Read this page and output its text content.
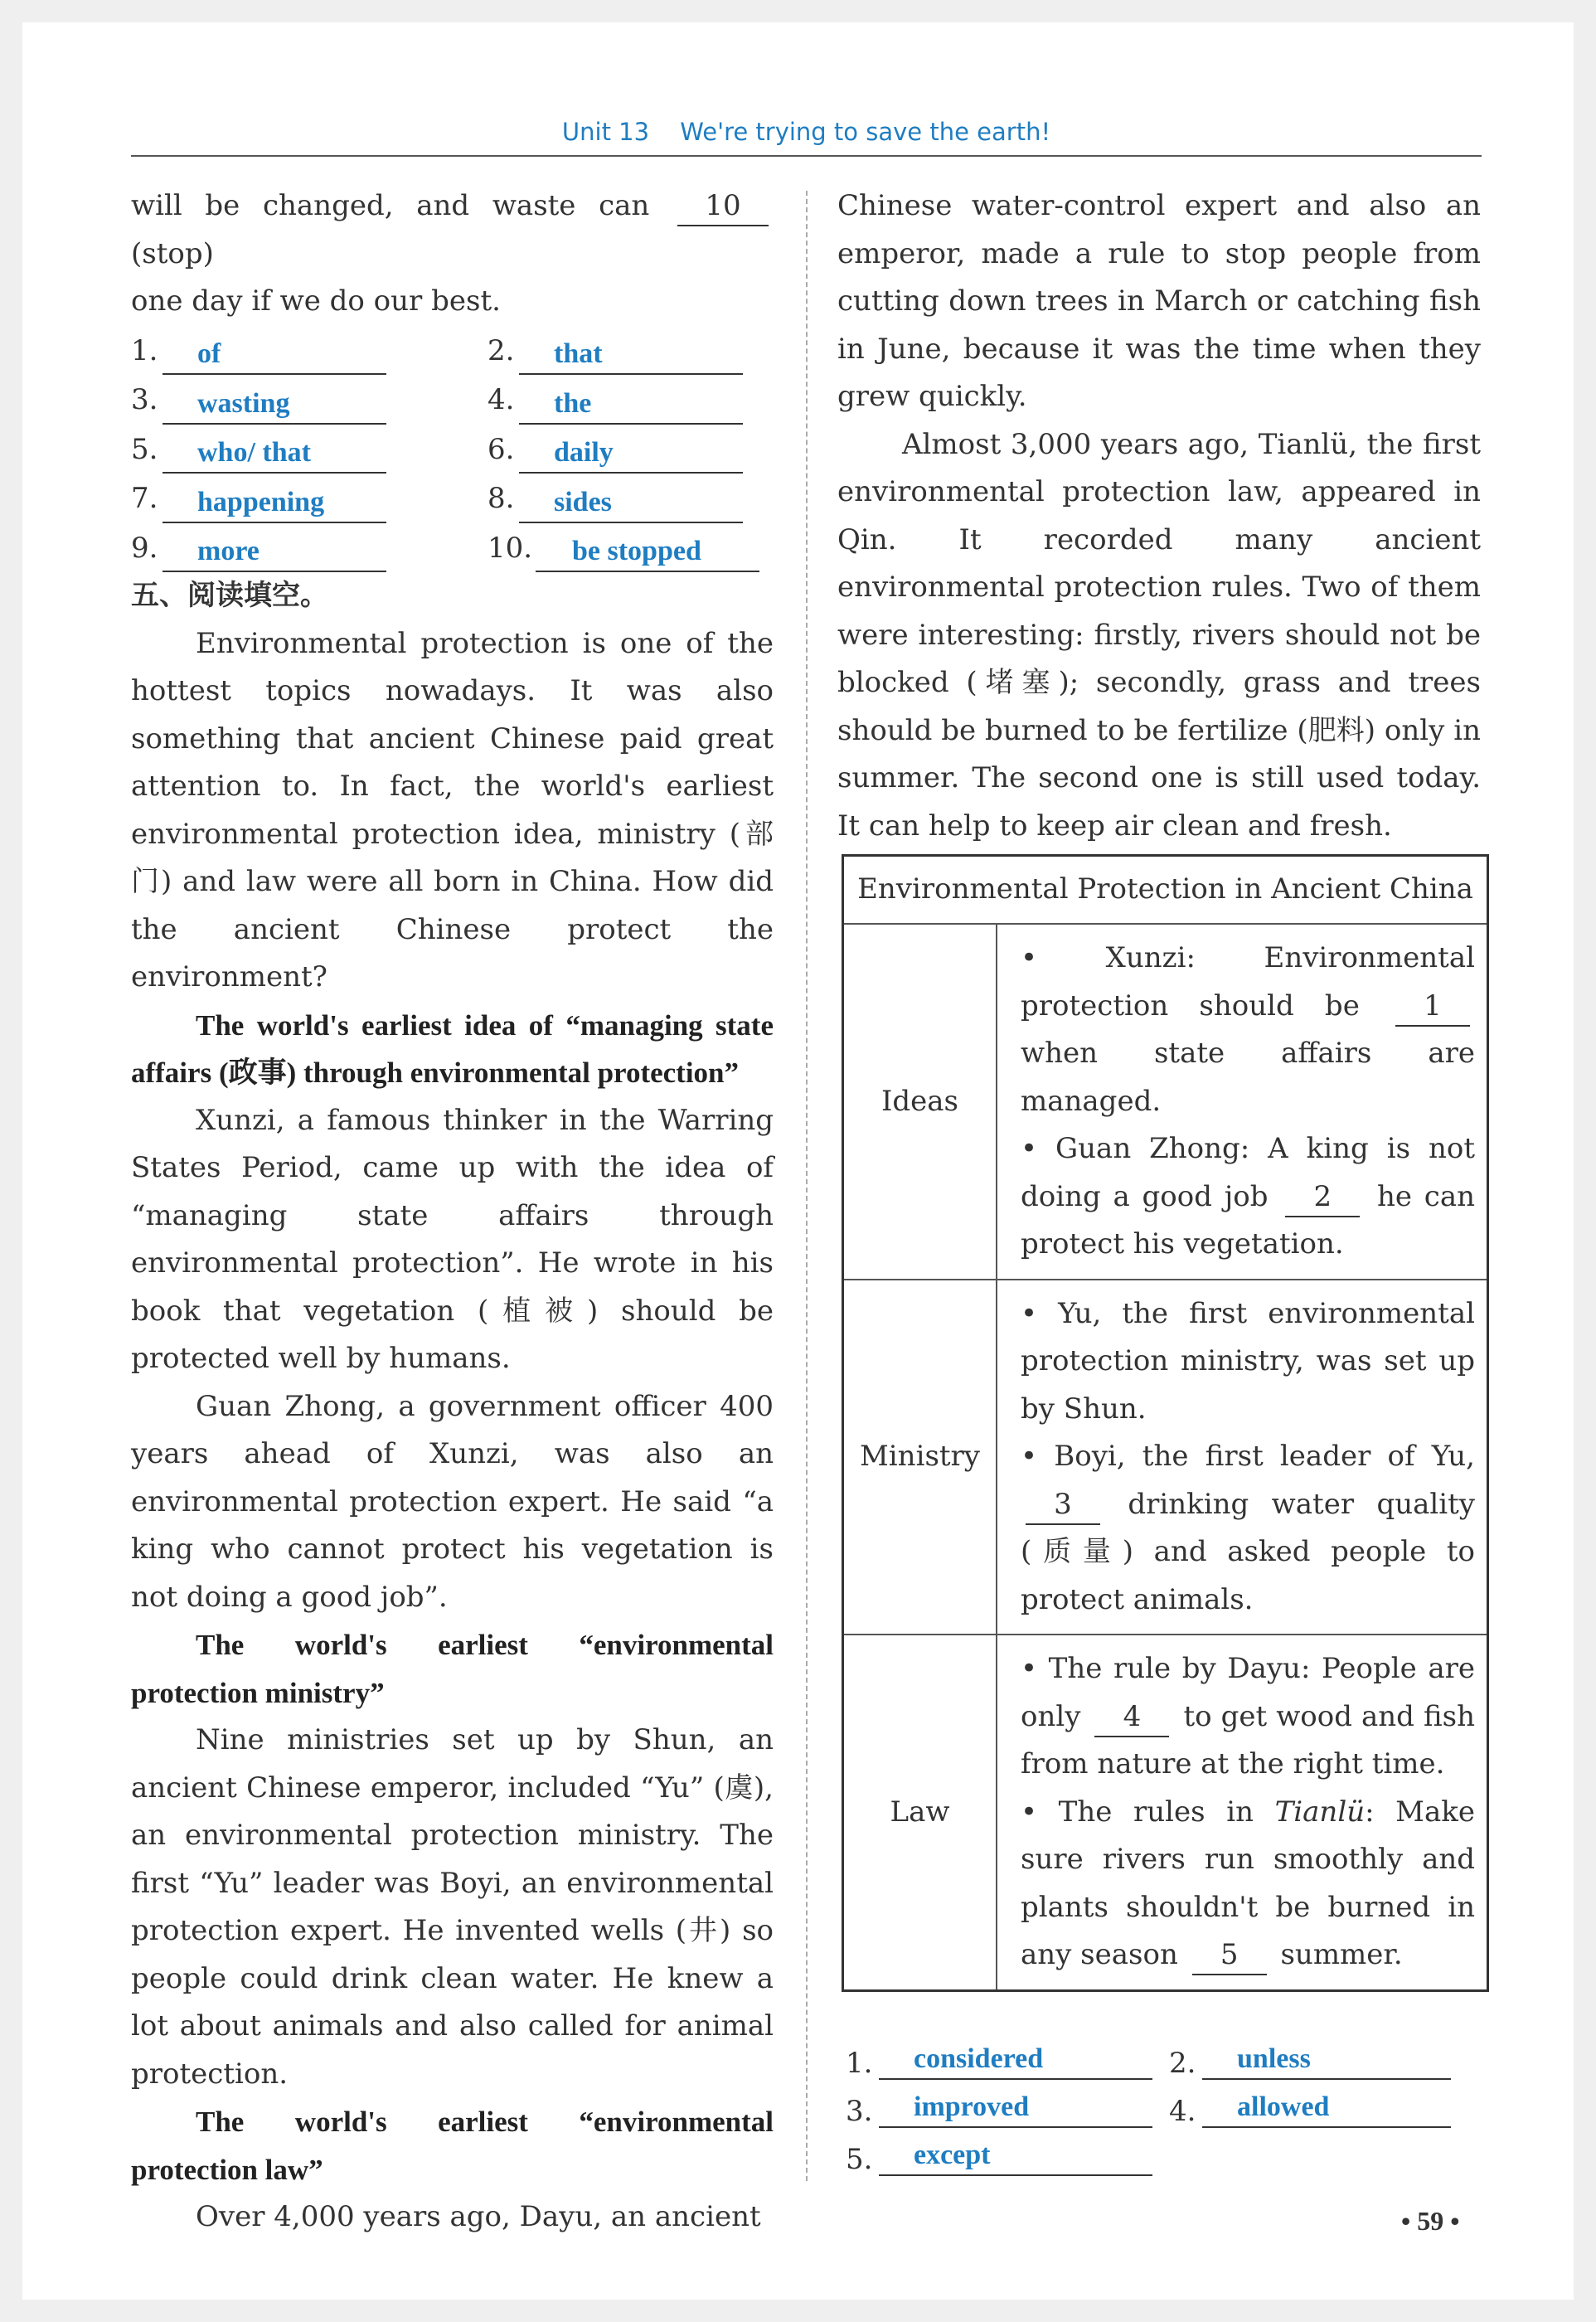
Unit 13 We're trying to save the earth!

will be changed, and waste can 10 (stop)

one day if we do our best.

1.	of	2.	that
3.	wasting	4.	the
5.	who/ that	6.	daily
7.	happening	8.	sides
9.	more	10.	be stopped

五、阅读填空。

Environmental protection is one of the hottest topics nowadays. It was also something that ancient Chinese paid great attention to. In fact, the world's earliest environmental protection idea, ministry (部门) and law were all born in China. How did the ancient Chinese protect the environment?

The world's earliest idea of “managing state affairs (政事) through environmental protection”

Xunzi, a famous thinker in the Warring States Period, came up with the idea of “managing state affairs through environmental protection”. He wrote in his book that vegetation (植被) should be protected well by humans.

Guan Zhong, a government officer 400 years ahead of Xunzi, was also an environmental protection expert. He said “a king who cannot protect his vegetation is not doing a good job”.

The world's earliest “environmental protection ministry”

Nine ministries set up by Shun, an ancient Chinese emperor, included “Yu” (虞), an environmental protection ministry. The first “Yu” leader was Boyi, an environmental protection expert. He invented wells (井) so people could drink clean water. He knew a lot about animals and also called for animal protection.

The world's earliest “environmental protection law”

Over 4,000 years ago, Dayu, an ancient

Chinese water-control expert and also an emperor, made a rule to stop people from cutting down trees in March or catching fish in June, because it was the time when they grew quickly.

Almost 3,000 years ago, Tianlü, the first environmental protection law, appeared in Qin. It recorded many ancient environmental protection rules. Two of them were interesting: firstly, rivers should not be blocked (堵塞); secondly, grass and trees should be burned to be fertilize (肥料) only in summer. The second one is still used today. It can help to keep air clean and fresh.

Environmental Protection in Ancient China	
Ideas	• Xunzi: Environmental protection should be 1 when state affairs are managed.
• Guan Zhong: A king is not doing a good job 2 he can protect his vegetation.

Ministry	• Yu, the first environmental protection ministry, was set up by Shun.
• Boyi, the first leader of Yu, 3 drinking water quality (质量) and asked people to protect animals.

Law	• The rule by Dayu: People are only 4 to get wood and fish from nature at the right time.
• The rules in Tianlü: Make sure rivers run smoothly and plants shouldn't be burned in any season 5 summer.
1.	considered	2.	unless
3.	improved	4.	allowed
5.	except
• 59 •
